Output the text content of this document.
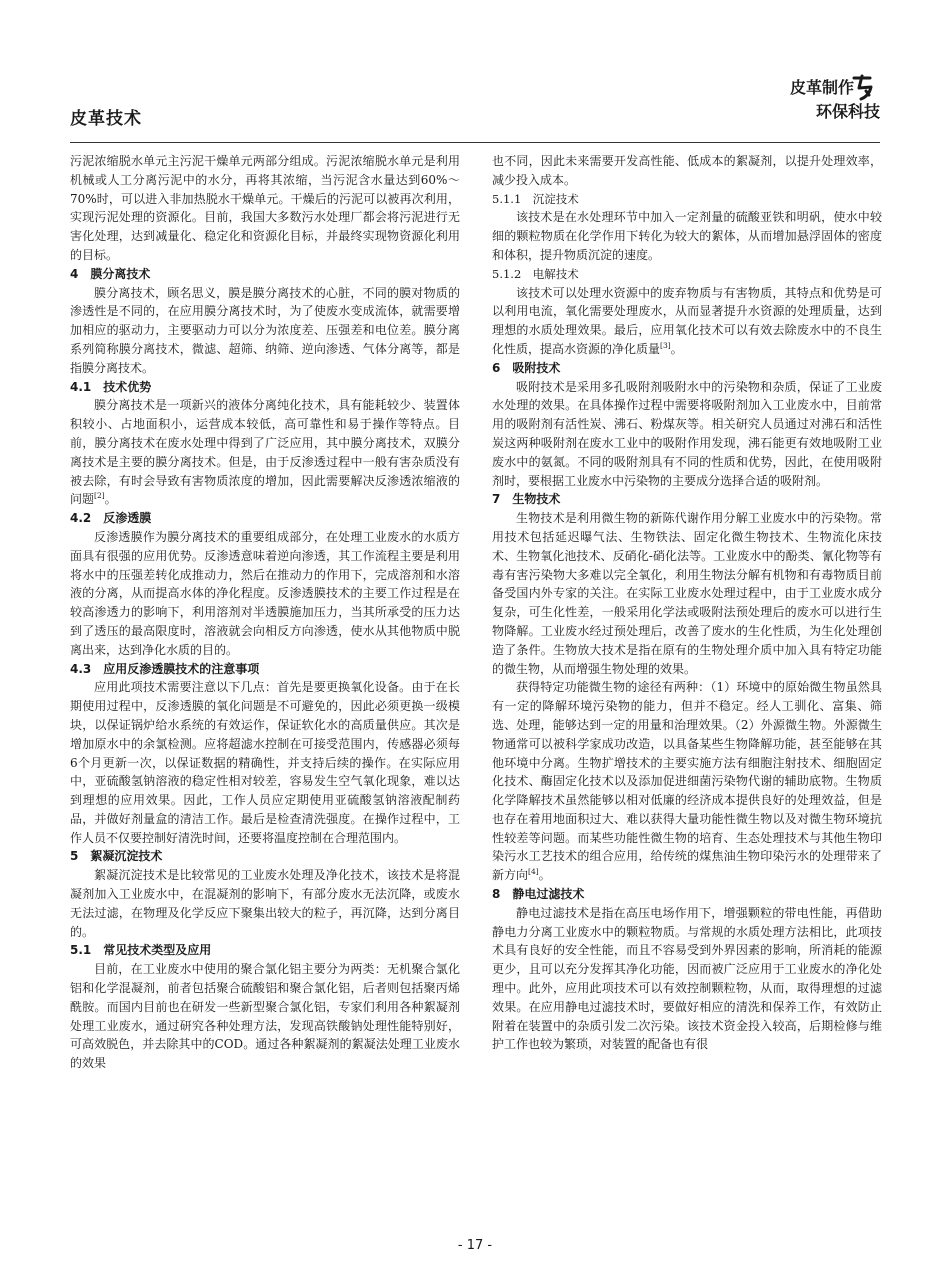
皮革技术
皮革制作
环保科技
污泥浓缩脱水单元主污泥干燥单元两部分组成。污泥浓缩脱水单元是利用机械或人工分离污泥中的水分，再将其浓缩，当污泥含水量达到60%～70%时，可以进入非加热脱水干燥单元。干燥后的污泥可以被再次利用，实现污泥处理的资源化。目前，我国大多数污水处理厂都会将污泥进行无害化处理，达到减量化、稳定化和资源化目标，并最终实现物资源化利用的目标。
4　膜分离技术
膜分离技术，顾名思义，膜是膜分离技术的心脏，不同的膜对物质的渗透性是不同的，在应用膜分离技术时，为了使废水变成流体，就需要增加相应的驱动力，主要驱动力可以分为浓度差、压强差和电位差。膜分离系列简称膜分离技术，微滤、超筛、纳筛、逆向渗透、气体分离等，都是指膜分离技术。
4.1　技术优势
膜分离技术是一项新兴的液体分离纯化技术，具有能耗较少、装置体积较小、占地面积小，运营成本较低，高可靠性和易于操作等特点。目前，膜分离技术在废水处理中得到了广泛应用，其中膜分离技术，双膜分离技术是主要的膜分离技术。但是，由于反渗透过程中一般有害杂质没有被去除，有时会导致有害物质浓度的增加，因此需要解决反渗透浓缩液的问题[2]。
4.2　反渗透膜
反渗透膜作为膜分离技术的重要组成部分，在处理工业废水的水质方面具有很强的应用优势。反渗透意味着逆向渗透，其工作流程主要是利用将水中的压强差转化成推动力，然后在推动力的作用下，完成溶剂和水溶液的分离，从而提高水体的净化程度。反渗透膜技术的主要工作过程是在较高渗透力的影响下，利用溶剂对半透膜施加压力，当其所承受的压力达到了透压的最高限度时，溶液就会向相反方向渗透，使水从其他物质中脱离出来，达到净化水质的目的。
4.3　应用反渗透膜技术的注意事项
应用此项技术需要注意以下几点：首先是要更换氧化设备。由于在长期使用过程中，反渗透膜的氧化问题是不可避免的，因此必须更换一级模块，以保证锅炉给水系统的有效运作，保证软化水的高质量供应。其次是增加原水中的余氯检测。应将超滤水控制在可接受范围内，传感器必须每6个月更新一次，以保证数据的精确性，并支持后续的操作。在实际应用中，亚硫酸氢钠溶液的稳定性相对较差，容易发生空气氧化现象，难以达到理想的应用效果。因此，工作人员应定期使用亚硫酸氢钠溶液配制药品，并做好剂量盒的清洁工作。最后是检查清洗强度。在操作过程中，工作人员不仅要控制好清洗时间，还要将温度控制在合理范围内。
5　絮凝沉淀技术
絮凝沉淀技术是比较常见的工业废水处理及净化技术，该技术是将混凝剂加入工业废水中，在混凝剂的影响下，有部分废水无法沉降，或废水无法过滤，在物理及化学反应下聚集出较大的粒子，再沉降，达到分离目的。
5.1　常见技术类型及应用
目前，在工业废水中使用的聚合氯化铝主要分为两类：无机聚合氯化铝和化学混凝剂，前者包括聚合硫酸铝和聚合氯化铝，后者则包括聚丙烯酰胺。而国内目前也在研发一些新型聚合氯化铝，专家们利用各种絮凝剂处理工业废水，通过研究各种处理方法，发现高铁酸钠处理性能特别好，可高效脱色，并去除其中的COD。通过各种絮凝剂的絮凝法处理工业废水的效果
也不同，因此未来需要开发高性能、低成本的絮凝剂，以提升处理效率，减少投入成本。
5.1.1　沉淀技术
该技术是在水处理环节中加入一定剂量的硫酸亚铁和明矾，使水中较细的颗粒物质在化学作用下转化为较大的絮体，从而增加悬浮固体的密度和体积，提升物质沉淀的速度。
5.1.2　电解技术
该技术可以处理水资源中的废弃物质与有害物质，其特点和优势是可以利用电流，氧化需要处理废水，从而显著提升水资源的处理质量，达到理想的水质处理效果。最后，应用氧化技术可以有效去除废水中的不良生化性质，提高水资源的净化质量[3]。
6　吸附技术
吸附技术是采用多孔吸附剂吸附水中的污染物和杂质，保证了工业废水处理的效果。在具体操作过程中需要将吸附剂加入工业废水中，目前常用的吸附剂有活性炭、沸石、粉煤灰等。相关研究人员通过对沸石和活性炭这两种吸附剂在废水工业中的吸附作用发现，沸石能更有效地吸附工业废水中的氨氮。不同的吸附剂具有不同的性质和优势，因此，在使用吸附剂时，要根据工业废水中污染物的主要成分选择合适的吸附剂。
7　生物技术
生物技术是利用微生物的新陈代谢作用分解工业废水中的污染物。常用技术包括延迟曝气法、生物铁法、固定化微生物技术、生物流化床技术、生物氧化池技术、反硝化-硝化法等。工业废水中的酚类、氰化物等有毒有害污染物大多难以完全氧化，利用生物法分解有机物和有毒物质目前备受国内外专家的关注。在实际工业废水处理过程中，由于工业废水成分复杂，可生化性差，一般采用化学法或吸附法预处理后的废水可以进行生物降解。工业废水经过预处理后，改善了废水的生化性质，为生化处理创造了条件。生物放大技术是指在原有的生物处理介质中加入具有特定功能的微生物，从而增强生物处理的效果。
获得特定功能微生物的途径有两种：（1）环境中的原始微生物虽然具有一定的降解环境污染物的能力，但并不稳定。经人工驯化、富集、筛选、处理，能够达到一定的用量和治理效果。（2）外源微生物。外源微生物通常可以被科学家成功改造，以具备某些生物降解功能，甚至能够在其他环境中分离。生物扩增技术的主要实施方法有细胞注射技术、细胞固定化技术、酶固定化技术以及添加促进细菌污染物代谢的辅助底物。生物质化学降解技术虽然能够以相对低廉的经济成本提供良好的处理效益，但是也存在着用地面积过大、难以获得大量功能性微生物以及对微生物环境抗性较差等问题。而某些功能性微生物的培育、生态处理技术与其他生物印染污水工艺技术的组合应用，给传统的煤焦油生物印染污水的处理带来了新方向[4]。
8　静电过滤技术
静电过滤技术是指在高压电场作用下，增强颗粒的带电性能，再借助静电力分离工业废水中的颗粒物质。与常规的水质处理方法相比，此项技术具有良好的安全性能，而且不容易受到外界因素的影响，所消耗的能源更少，且可以充分发挥其净化功能，因而被广泛应用于工业废水的净化处理中。此外，应用此项技术可以有效控制颗粒物，从而，取得理想的过滤效果。在应用静电过滤技术时，要做好相应的清洗和保养工作，有效防止附着在装置中的杂质引发二次污染。该技术资金投入较高，后期检修与维护工作也较为繁琐，对装置的配备也有很
- 17 -
